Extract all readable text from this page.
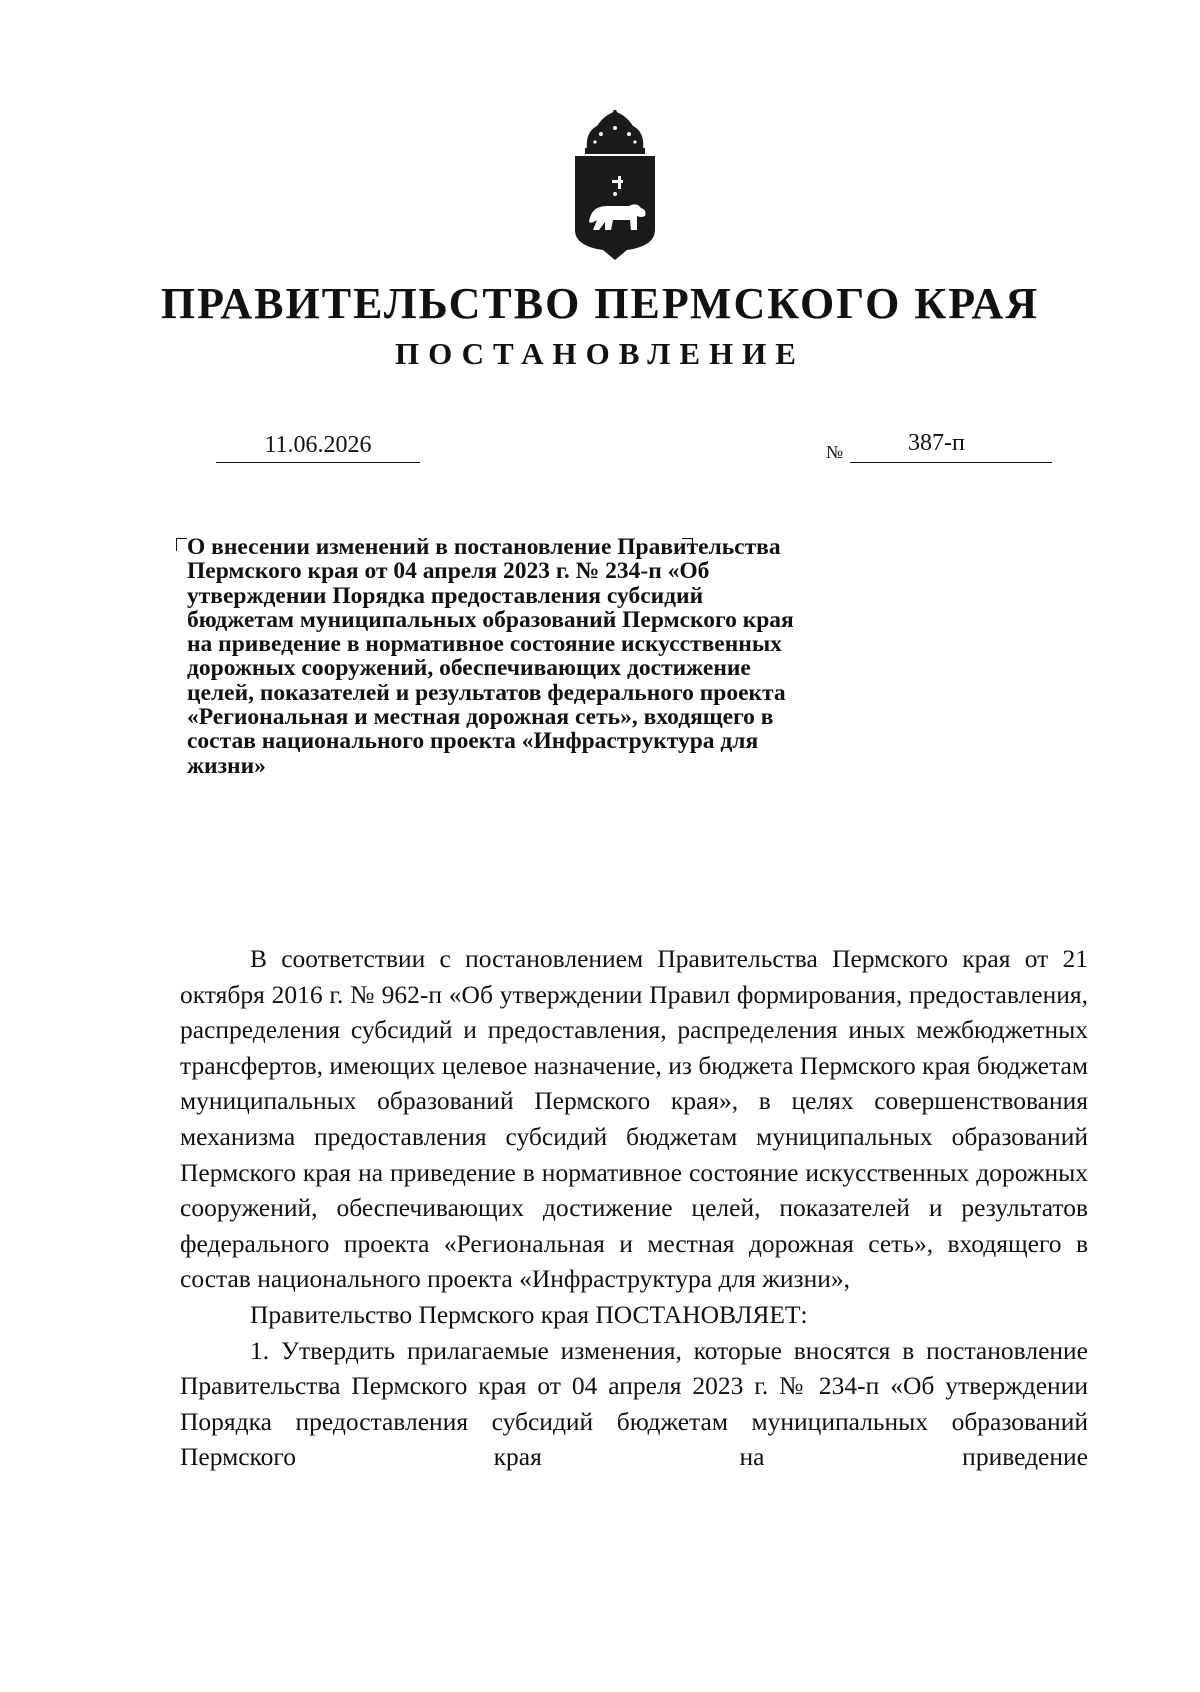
ПРАВИТЕЛЬСТВО ПЕРМСКОГО КРАЯ
ПОСТАНОВЛЕНИЕ
11.06.2026	№	387-п
О внесении изменений в постановление Правительства Пермского края от 04 апреля 2023 г. № 234-п «Об утверждении Порядка предоставления субсидий бюджетам муниципальных образований Пермского края на приведение в нормативное состояние искусственных дорожных сооружений, обеспечивающих достижение целей, показателей и результатов федерального проекта «Региональная и местная дорожная сеть», входящего в состав национального проекта «Инфраструктура для жизни»

В соответствии с постановлением Правительства Пермского края от 21 октября 2016 г. № 962-п «Об утверждении Правил формирования, предоставления, распределения субсидий и предоставления, распределения иных межбюджетных трансфертов, имеющих целевое назначение, из бюджета Пермского края бюджетам муниципальных образований Пермского края», в целях совершенствования механизма предоставления субсидий бюджетам муниципальных образований Пермского края на приведение в нормативное состояние искусственных дорожных сооружений, обеспечивающих достижение целей, показателей и результатов федерального проекта «Региональная и местная дорожная сеть», входящего в состав национального проекта «Инфраструктура для жизни»,

Правительство Пермского края ПОСТАНОВЛЯЕТ:

1. Утвердить прилагаемые изменения, которые вносятся в постановление Правительства Пермского края от 04 апреля 2023 г. № 234-п «Об утверждении Порядка предоставления субсидий бюджетам муниципальных образований Пермского края на приведение
